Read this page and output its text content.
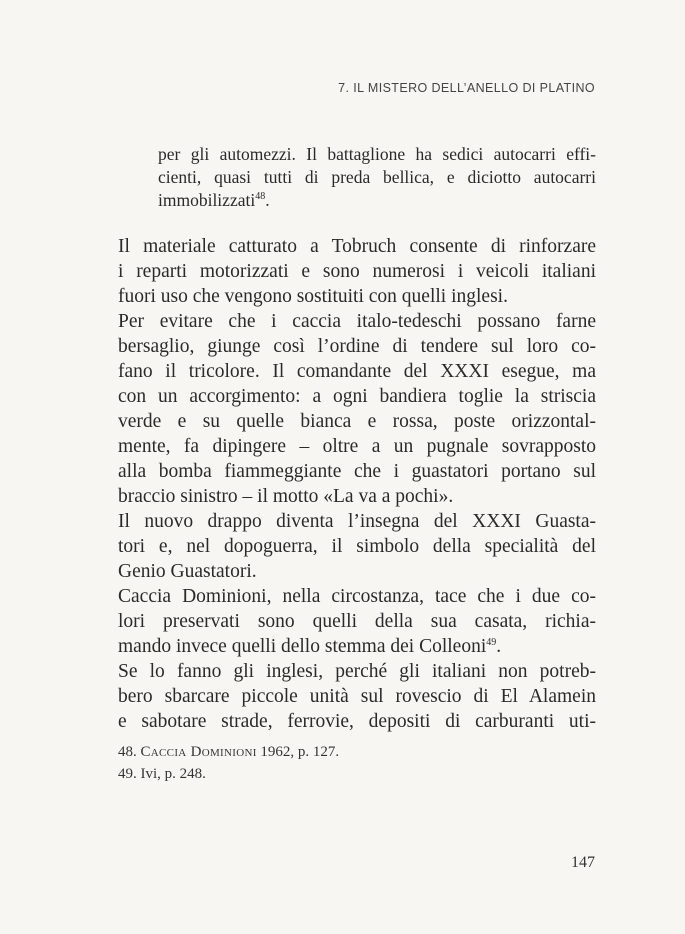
7. IL MISTERO DELL’ANELLO DI PLATINO

per gli automezzi. Il battaglione ha sedici autocarri effi-

cienti, quasi tutti di preda bellica, e diciotto autocarri

immobilizzati$^{48}$.

Il materiale catturato a Tobruch consente di rinforzare
i reparti motorizzati e sono numerosi i veicoli italiani
fuori uso che vengono sostituiti con quelli inglesi.
Per evitare che i caccia italo-tedeschi possano farne
bersaglio, giunge così l’ordine di tendere sul loro co-
fano il tricolore. Il comandante del XXXI esegue, ma
con un accorgimento: a ogni bandiera toglie la striscia
verde e su quelle bianca e rossa, poste orizzontal-
mente, fa dipingere – oltre a un pugnale sovrapposto
alla bomba fiammeggiante che i guastatori portano sul
braccio sinistro – il motto «La va a pochi».
Il nuovo drappo diventa l’insegna del XXXI Guasta-
tori e, nel dopoguerra, il simbolo della specialità del
Genio Guastatori.
Caccia Dominioni, nella circostanza, tace che i due co-
lori preservati sono quelli della sua casata, richia-
mando invece quelli dello stemma dei Colleoni$^{49}$.
Se lo fanno gli inglesi, perché gli italiani non potreb-
bero sbarcare piccole unità sul rovescio di El Alamein
e sabotare strade, ferrovie, depositi di carburanti uti-
48. Caccia Dominioni 1962, p. 127.
49. Ivi, p. 248.
147
